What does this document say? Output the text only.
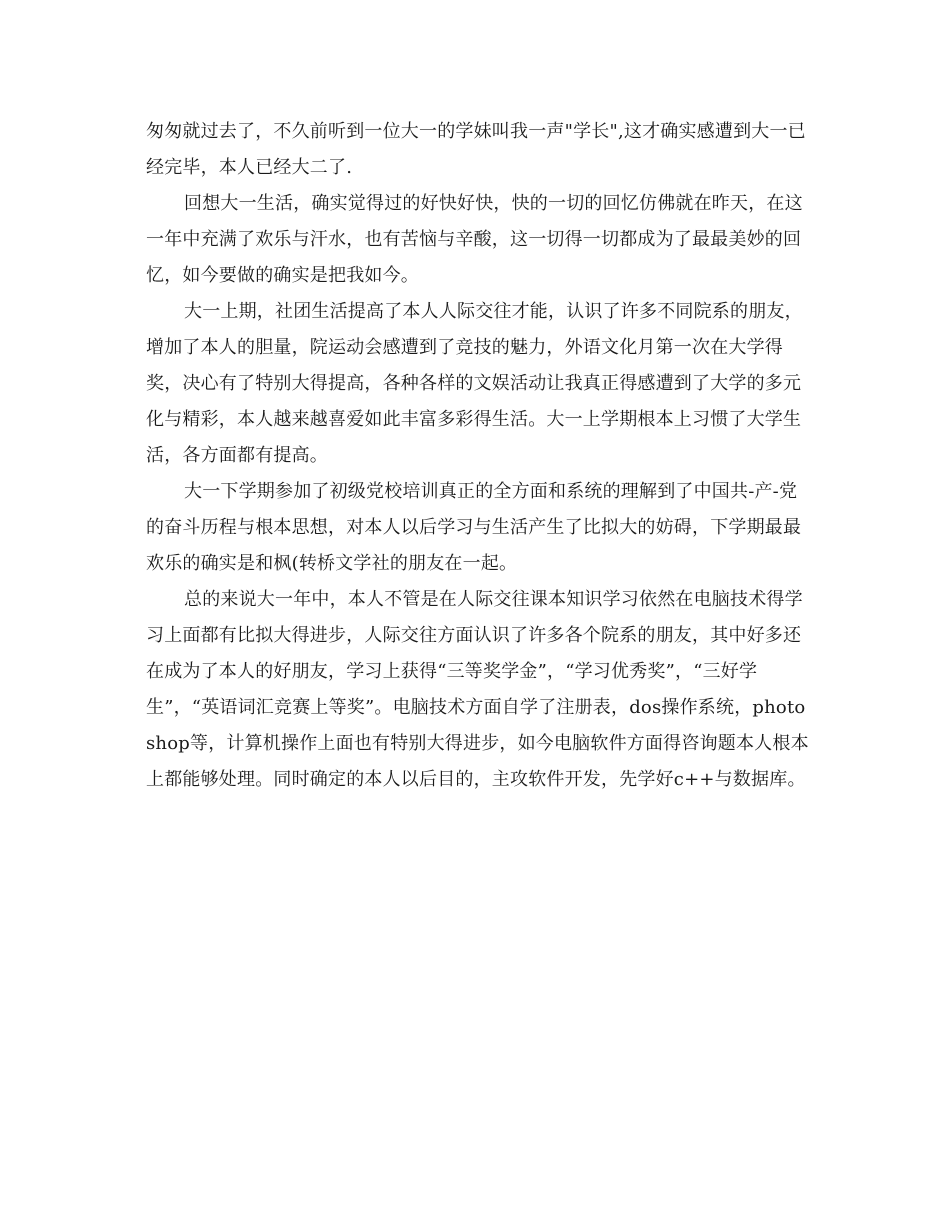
匆匆就过去了，不久前听到一位大一的学妹叫我一声"学长",这才确实感遭到大一已经完毕，本人已经大二了.

回想大一生活，确实觉得过的好快好快，快的一切的回忆仿佛就在昨天，在这一年中充满了欢乐与汗水，也有苦恼与辛酸，这一切得一切都成为了最最美妙的回忆，如今要做的确实是把我如今。

大一上期，社团生活提高了本人人际交往才能，认识了许多不同院系的朋友，增加了本人的胆量，院运动会感遭到了竞技的魅力，外语文化月第一次在大学得奖，决心有了特别大得提高，各种各样的文娱活动让我真正得感遭到了大学的多元化与精彩，本人越来越喜爱如此丰富多彩得生活。大一上学期根本上习惯了大学生活，各方面都有提高。

大一下学期参加了初级党校培训真正的全方面和系统的理解到了中国共-产-党的奋斗历程与根本思想，对本人以后学习与生活产生了比拟大的妨碍，下学期最最欢乐的确实是和枫(转桥文学社的朋友在一起。

总的来说大一年中，本人不管是在人际交往课本知识学习依然在电脑技术得学习上面都有比拟大得进步，人际交往方面认识了许多各个院系的朋友，其中好多还在成为了本人的好朋友，学习上获得“三等奖学金”，“学习优秀奖”，“三好学生”，“英语词汇竞赛上等奖”。电脑技术方面自学了注册表，dos操作系统，photoshop等，计算机操作上面也有特别大得进步，如今电脑软件方面得咨询题本人根本上都能够处理。同时确定的本人以后目的，主攻软件开发，先学好c++与数据库。
